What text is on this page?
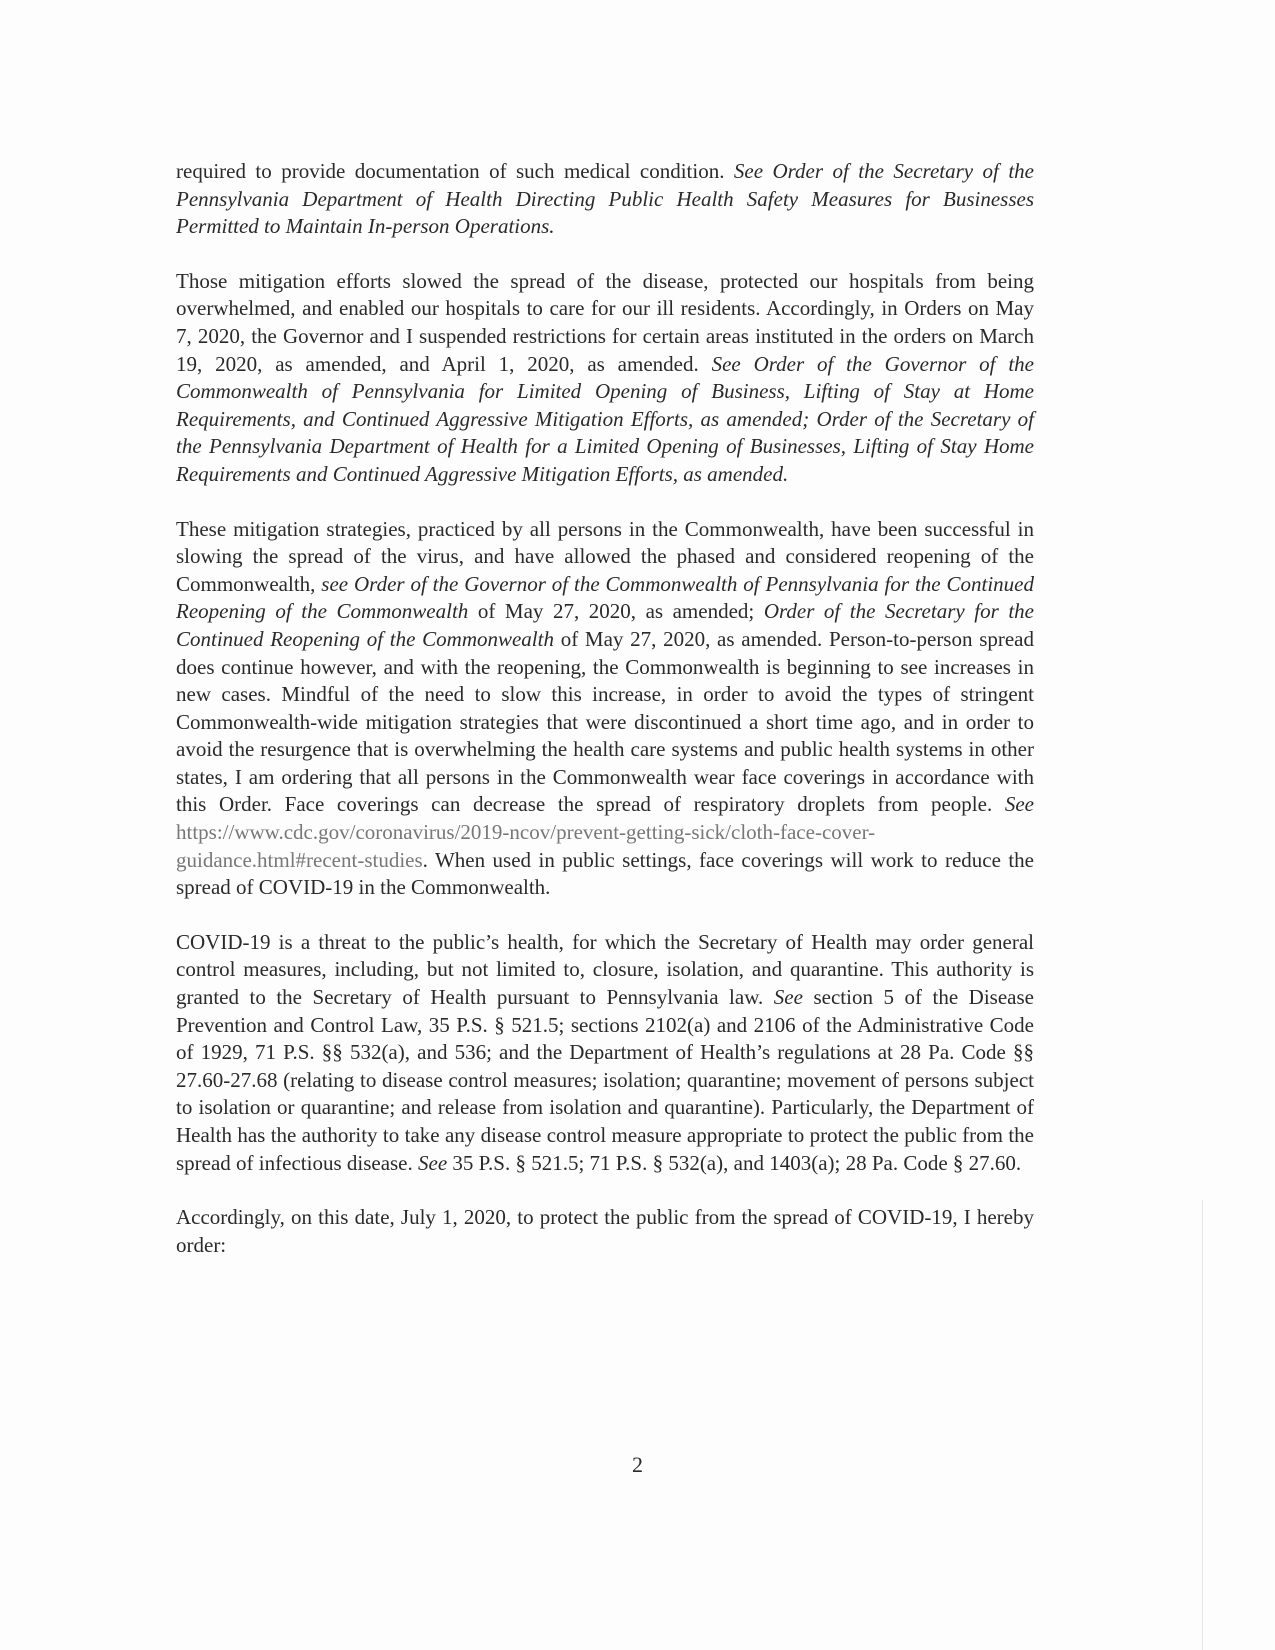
required to provide documentation of such medical condition. See Order of the Secretary of the Pennsylvania Department of Health Directing Public Health Safety Measures for Businesses Permitted to Maintain In-person Operations.

Those mitigation efforts slowed the spread of the disease, protected our hospitals from being overwhelmed, and enabled our hospitals to care for our ill residents. Accordingly, in Orders on May 7, 2020, the Governor and I suspended restrictions for certain areas instituted in the orders on March 19, 2020, as amended, and April 1, 2020, as amended. See Order of the Governor of the Commonwealth of Pennsylvania for Limited Opening of Business, Lifting of Stay at Home Requirements, and Continued Aggressive Mitigation Efforts, as amended; Order of the Secretary of the Pennsylvania Department of Health for a Limited Opening of Businesses, Lifting of Stay Home Requirements and Continued Aggressive Mitigation Efforts, as amended.

These mitigation strategies, practiced by all persons in the Commonwealth, have been successful in slowing the spread of the virus, and have allowed the phased and considered reopening of the Commonwealth, see Order of the Governor of the Commonwealth of Pennsylvania for the Continued Reopening of the Commonwealth of May 27, 2020, as amended; Order of the Secretary for the Continued Reopening of the Commonwealth of May 27, 2020, as amended. Person-to-person spread does continue however, and with the reopening, the Commonwealth is beginning to see increases in new cases. Mindful of the need to slow this increase, in order to avoid the types of stringent Commonwealth-wide mitigation strategies that were discontinued a short time ago, and in order to avoid the resurgence that is overwhelming the health care systems and public health systems in other states, I am ordering that all persons in the Commonwealth wear face coverings in accordance with this Order. Face coverings can decrease the spread of respiratory droplets from people. See https://www.cdc.gov/coronavirus/2019-ncov/prevent-getting-sick/cloth-face-cover-guidance.html#recent-studies. When used in public settings, face coverings will work to reduce the spread of COVID-19 in the Commonwealth.

COVID-19 is a threat to the public’s health, for which the Secretary of Health may order general control measures, including, but not limited to, closure, isolation, and quarantine. This authority is granted to the Secretary of Health pursuant to Pennsylvania law. See section 5 of the Disease Prevention and Control Law, 35 P.S. § 521.5; sections 2102(a) and 2106 of the Administrative Code of 1929, 71 P.S. §§ 532(a), and 536; and the Department of Health’s regulations at 28 Pa. Code §§ 27.60-27.68 (relating to disease control measures; isolation; quarantine; movement of persons subject to isolation or quarantine; and release from isolation and quarantine). Particularly, the Department of Health has the authority to take any disease control measure appropriate to protect the public from the spread of infectious disease. See 35 P.S. § 521.5; 71 P.S. § 532(a), and 1403(a); 28 Pa. Code § 27.60.

Accordingly, on this date, July 1, 2020, to protect the public from the spread of COVID-19, I hereby order:

2
